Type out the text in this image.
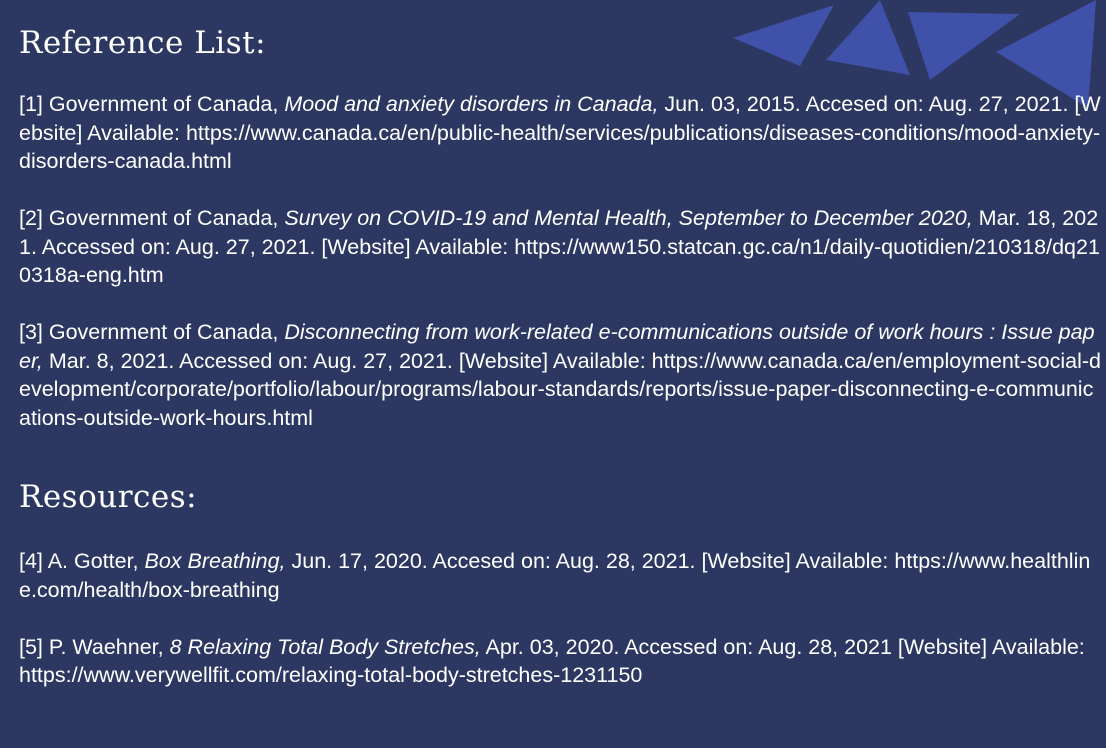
Reference List:

[1] Government of Canada, Mood and anxiety disorders in Canada, Jun. 03, 2015. Accesed on: Aug. 27, 2021. [Website] Available: https://www.canada.ca/en/public-health/services/publications/diseases-conditions/mood-anxiety-disorders-canada.html

[2] Government of Canada, Survey on COVID-19 and Mental Health, September to December 2020, Mar. 18, 2021. Accessed on: Aug. 27, 2021. [Website] Available: https://www150.statcan.gc.ca/n1/daily-quotidien/210318/dq210318a-eng.htm

[3] Government of Canada, Disconnecting from work-related e-communications outside of work hours : Issue paper, Mar. 8, 2021. Accessed on: Aug. 27, 2021. [Website] Available: https://www.canada.ca/en/employment-social-development/corporate/portfolio/labour/programs/labour-standards/reports/issue-paper-disconnecting-e-communications-outside-work-hours.html

Resources:

[4] A. Gotter, Box Breathing, Jun. 17, 2020. Accesed on: Aug. 28, 2021. [Website] Available: https://www.healthline.com/health/box-breathing

[5] P. Waehner, 8 Relaxing Total Body Stretches, Apr. 03, 2020. Accessed on: Aug. 28, 2021 [Website] Available: https://www.verywellfit.com/relaxing-total-body-stretches-1231150
